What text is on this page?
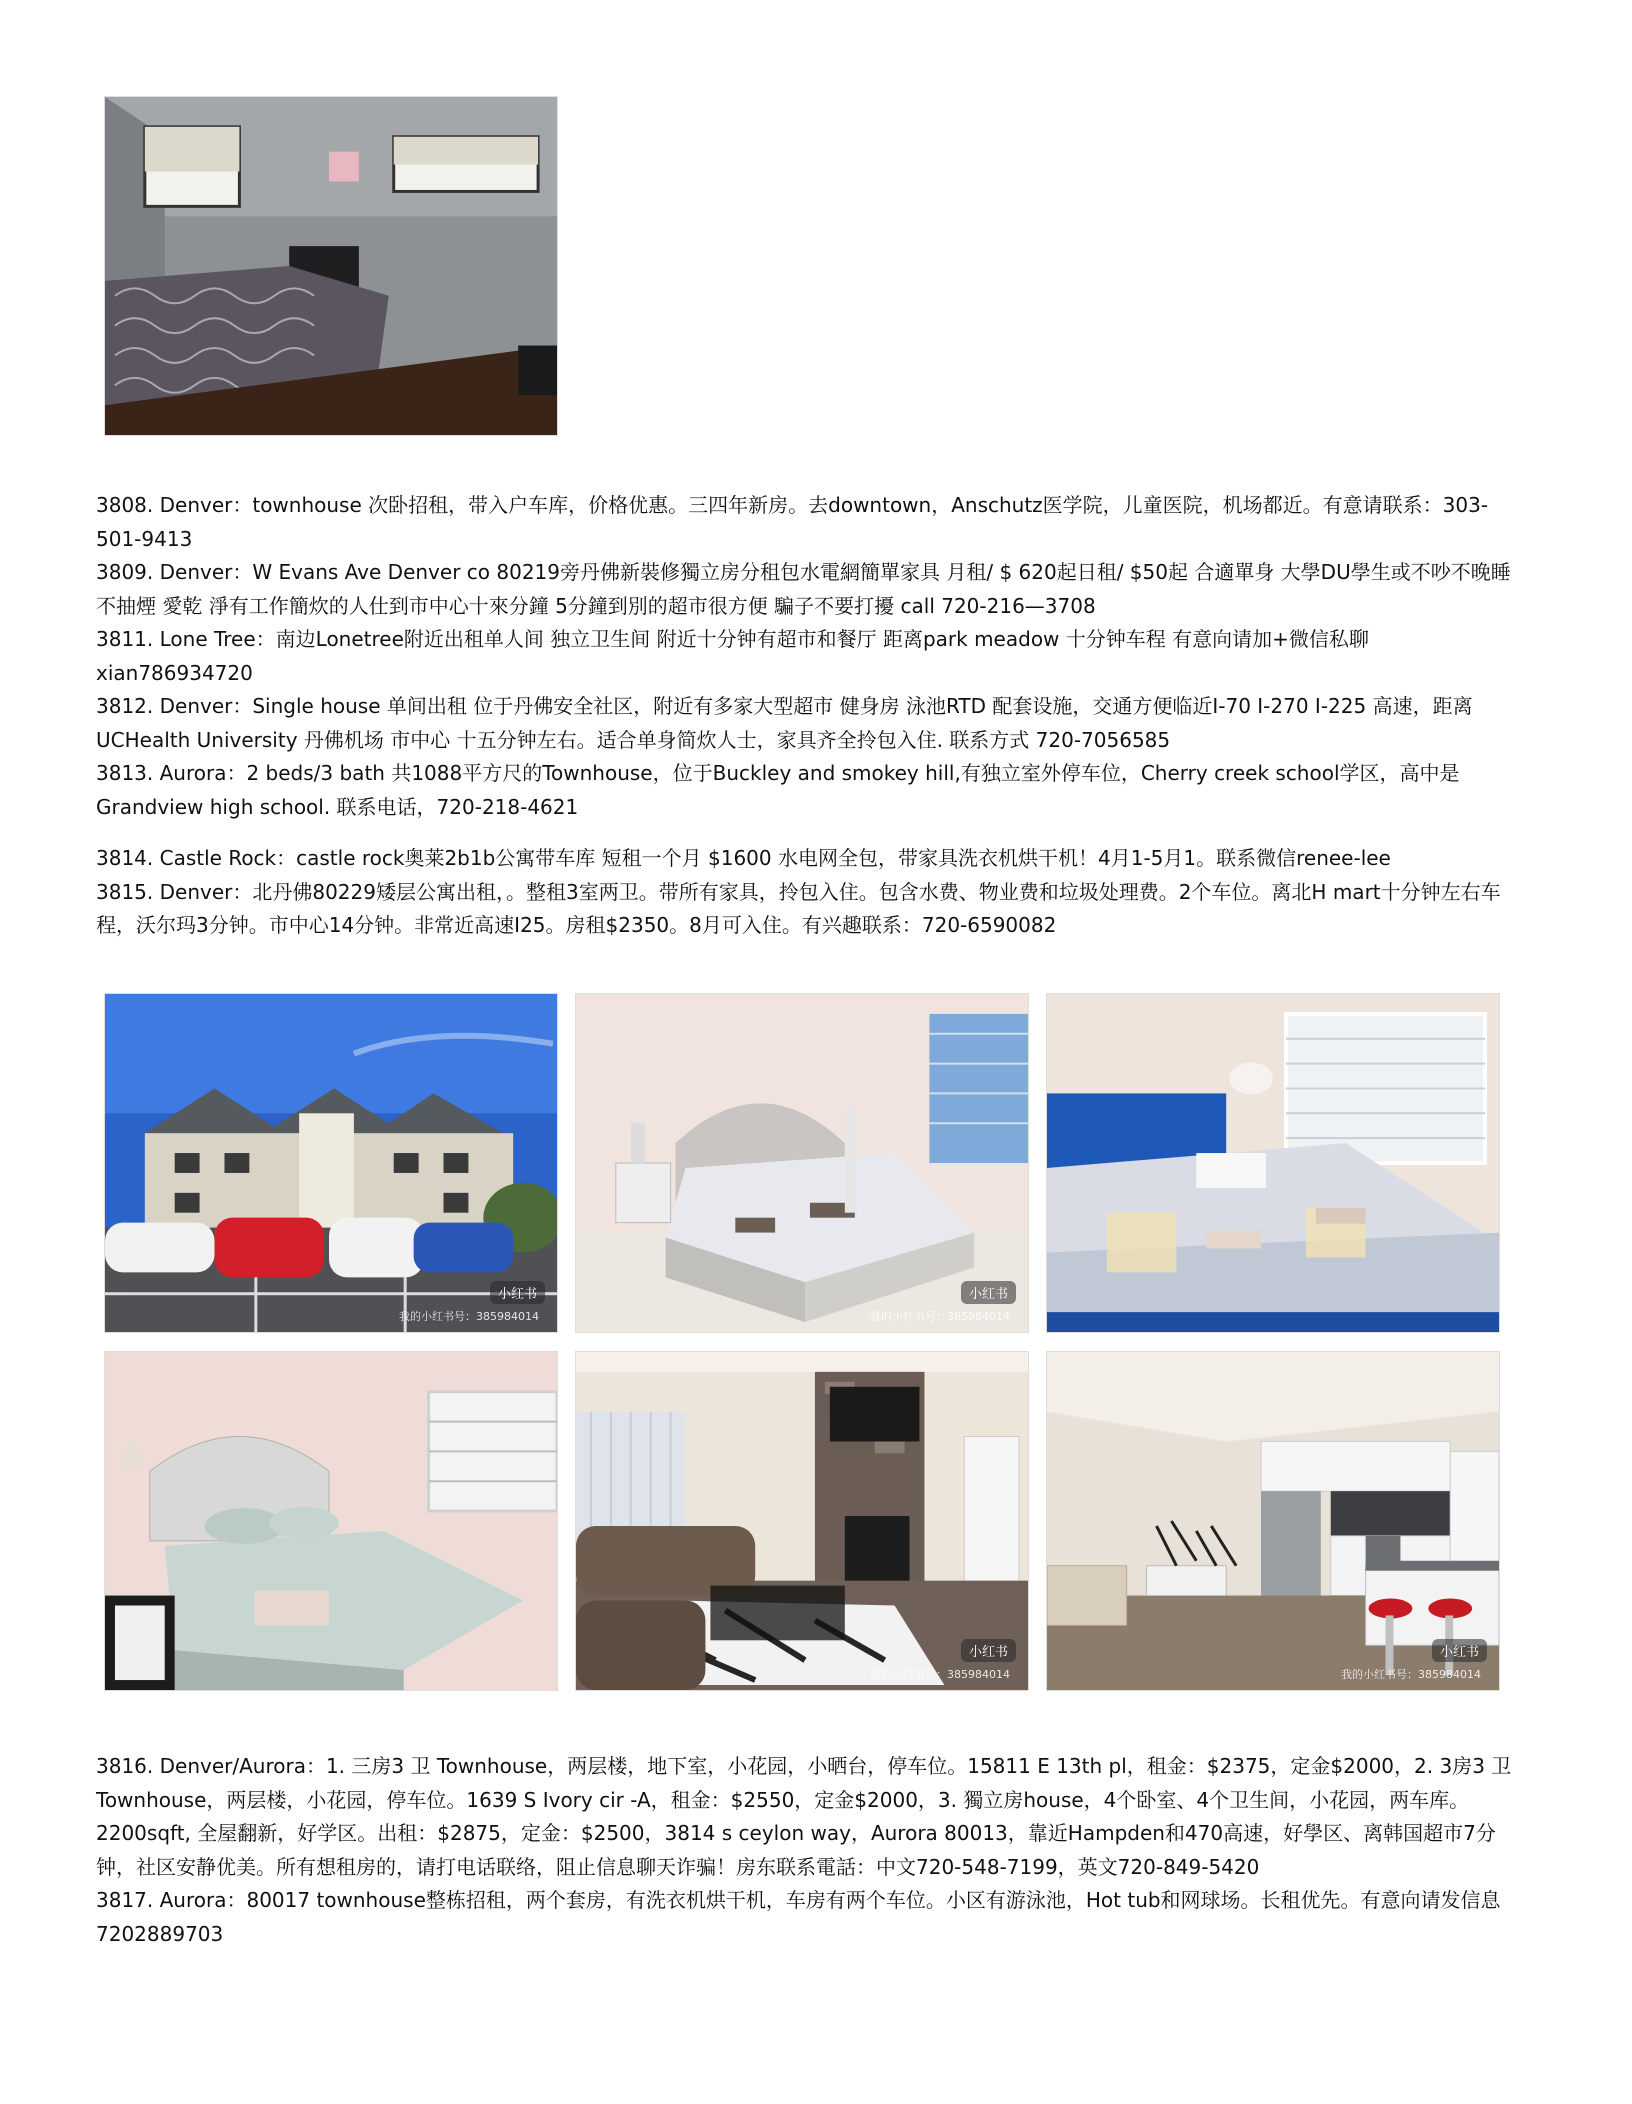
3808. Denver：townhouse 次卧招租，带入户车库，价格优惠。三四年新房。去downtown，Anschutz医学院，儿童医院，机场都近。有意请联系：303-501-9413

3809. Denver：W Evans Ave Denver co 80219旁丹佛新裝修獨立房分租包水電網簡單家具 月租/ $ 620起日租/ $50起 合適單身 大學DU學生或不吵不晚睡 不抽煙 愛乾 淨有工作簡炊的人仕到市中心十來分鐘 5分鐘到別的超市很方便 騙子不要打擾 call 720-216—3708

3811. Lone Tree：南边Lonetree附近出租单人间 独立卫生间 附近十分钟有超市和餐厅 距离park meadow 十分钟车程 有意向请加+微信私聊xian786934720

3812. Denver：Single house 单间出租 位于丹佛安全社区，附近有多家大型超市 健身房 泳池RTD 配套设施，交通方便临近I-70 I-270 I-225 高速，距离UCHealth University 丹佛机场 市中心 十五分钟左右。适合单身简炊人士，家具齐全拎包入住. 联系方式 720-7056585

3813. Aurora：2 beds/3 bath 共1088平方尺的Townhouse，位于Buckley and smokey hill,有独立室外停车位，Cherry creek school学区，高中是Grandview high school. 联系电话，720-218-4621

3814. Castle Rock：castle rock奥莱2b1b公寓带车库 短租一个月 $1600 水电网全包，带家具洗衣机烘干机！4月1-5月1。联系微信renee-lee

3815. Denver：北丹佛80229矮层公寓出租，。整租3室两卫。带所有家具，拎包入住。包含水费、物业费和垃圾处理费。2个车位。离北H mart十分钟左右车程，沃尔玛3分钟。市中心14分钟。非常近高速I25。房租$2350。8月可入住。有兴趣联系：720-6590082

小红书
我的小红书号：385984014
小红书
我的小红书号：385984014
小红书
我的小红书号：385984014
小红书
我的小红书号：385984014

3816. Denver/Aurora：1. 三房3 卫 Townhouse，两层楼，地下室，小花园，小晒台，停车位。15811 E 13th pl，租金：$2375，定金$2000，2. 3房3 卫 Townhouse，两层楼，小花园，停车位。1639 S Ivory cir -A，租金：$2550，定金$2000，3. 獨立房house，4个卧室、4个卫生间，小花园，两车库。2200sqft, 全屋翻新，好学区。出租：$2875，定金：$2500，3814 s ceylon way，Aurora 80013，靠近Hampden和470高速，好學区、离韩国超市7分钟，社区安静优美。所有想租房的，请打电话联络，阻止信息聊天诈骗！房东联系電話：中文720-548-7199，英文720-849-5420

3817. Aurora：80017 townhouse整栋招租，两个套房，有洗衣机烘干机，车房有两个车位。小区有游泳池，Hot tub和网球场。长租优先。有意向请发信息7202889703
